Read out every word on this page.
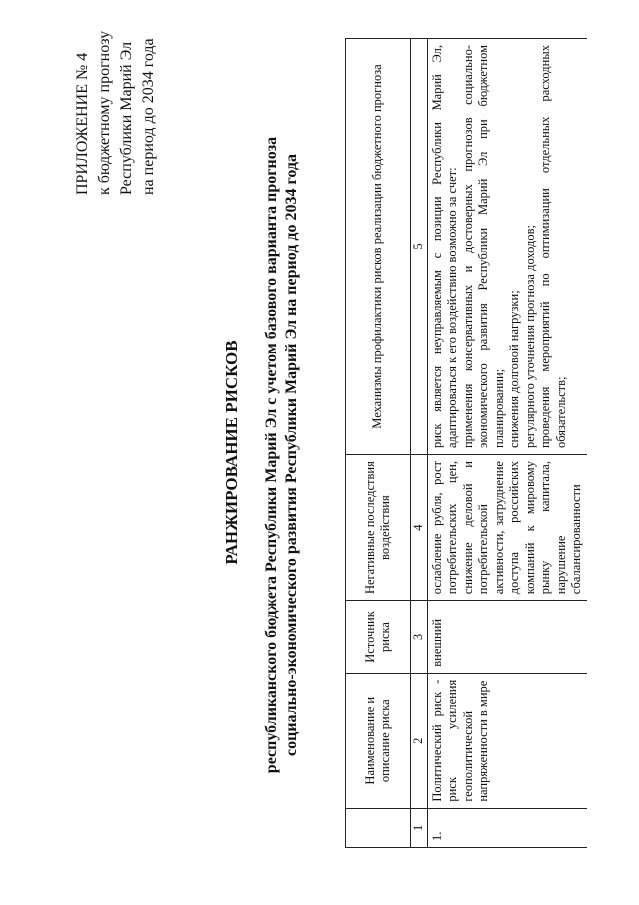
ПРИЛОЖЕНИЕ № 4 к бюджетному прогнозу Республики Марий Эл на период до 2034 года
РАНЖИРОВАНИЕ РИСКОВ республиканского бюджета Республики Марий Эл с учетом базового варианта прогноза социально-экономического развития Республики Марий Эл на период до 2034 года
		Наименование и описание риска	Источник риска	Негативные последствия воздействия	Механизмы профилактики рисков реализации бюджетного прогноза
1	2	3	4	5
1.	Политический риск - риск усиления геополитической напряженности в мире	внешний	ослабление рубля, рост потребительских цен, снижение деловой и потребительской активности, затруднение доступа российских компаний к мировому рынку капитала, нарушение сбалансированности	риск является неуправляемым с позиции Республики Марий Эл, адаптироваться к его воздействию возможно за счет: применения консервативных и достоверных прогнозов социально-экономического развития Республики Марий Эл при бюджетном планировании; снижения долговой нагрузки; регулярного уточнения прогноза доходов; проведения мероприятий по оптимизации отдельных расходных обязательств;
